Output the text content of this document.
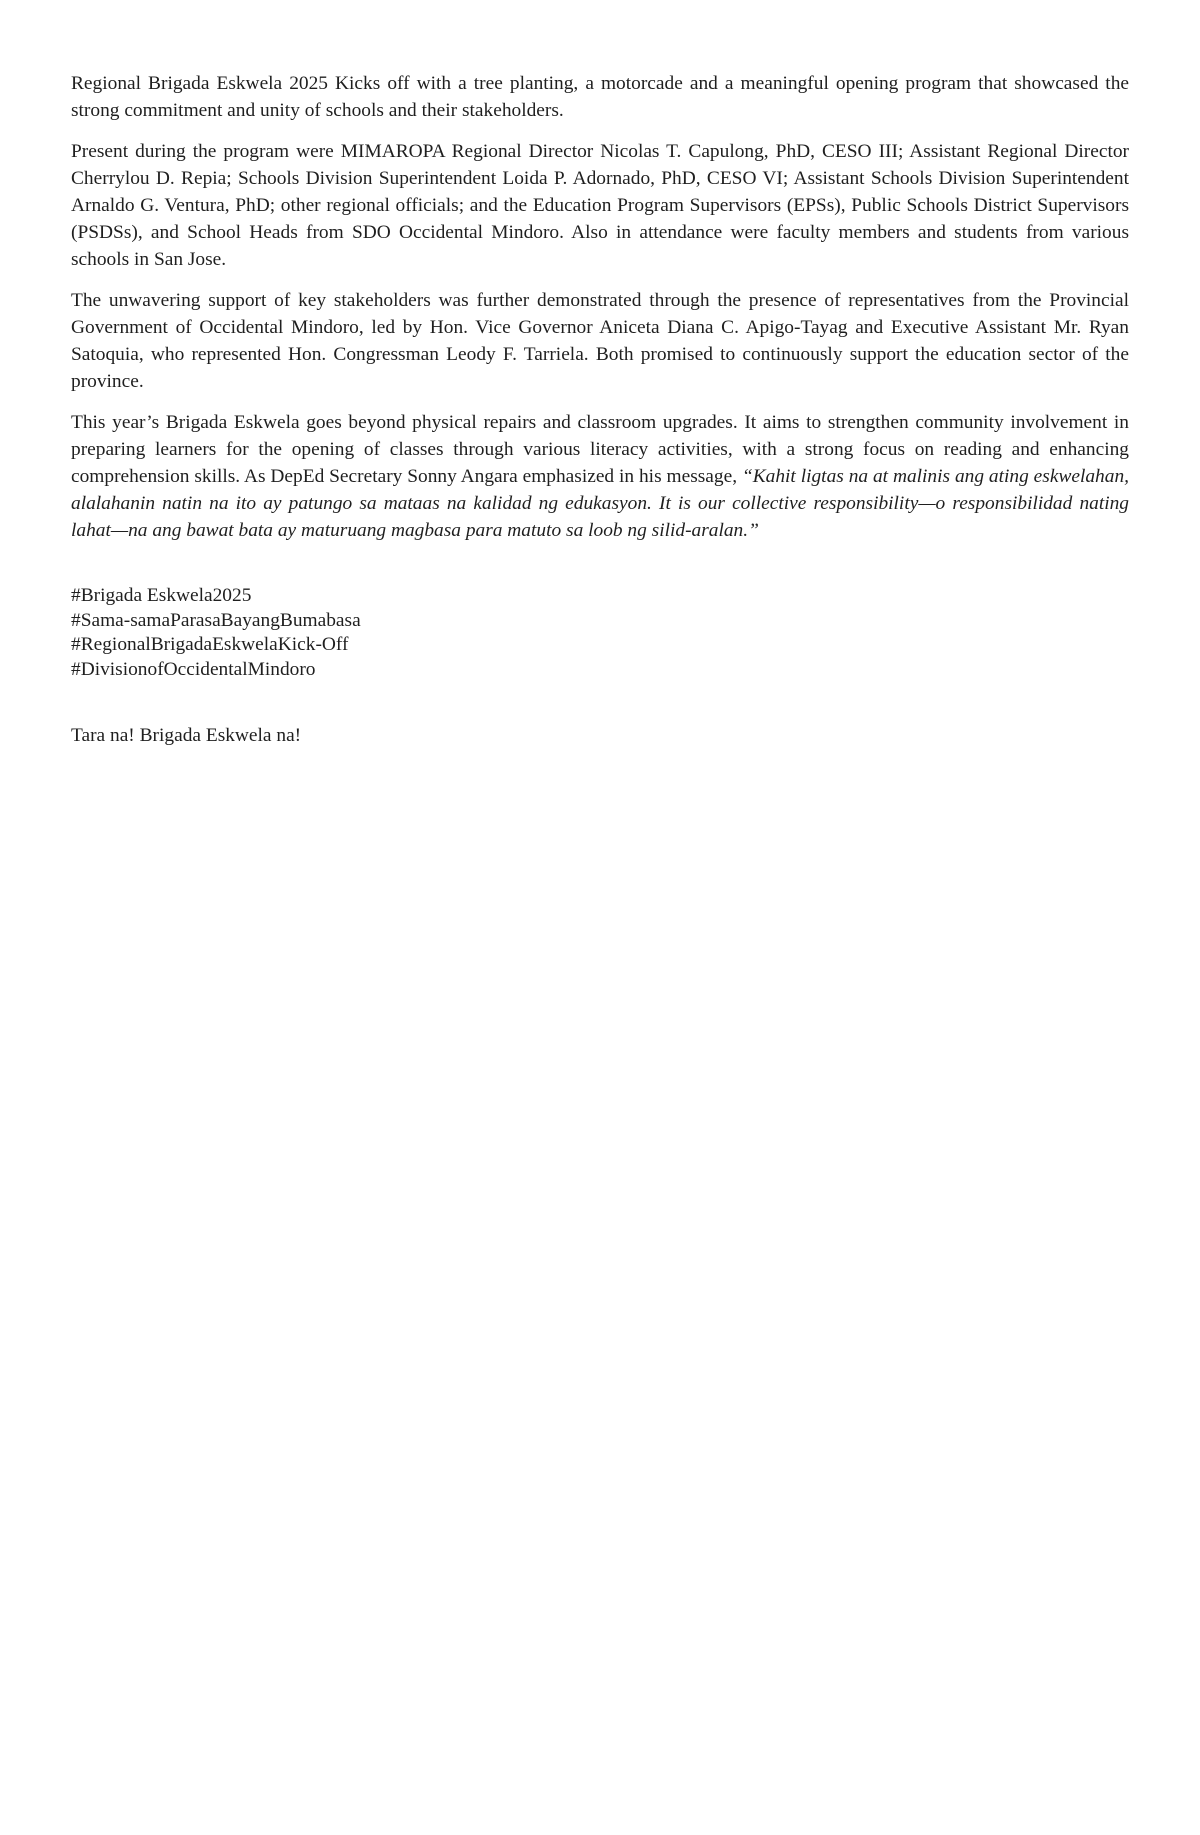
Regional Brigada Eskwela 2025 Kicks off with a tree planting, a motorcade and a meaningful opening program that showcased the strong commitment and unity of schools and their stakeholders.

Present during the program were MIMAROPA Regional Director Nicolas T. Capulong, PhD, CESO III; Assistant Regional Director Cherrylou D. Repia; Schools Division Superintendent Loida P. Adornado, PhD, CESO VI; Assistant Schools Division Superintendent Arnaldo G. Ventura, PhD; other regional officials; and the Education Program Supervisors (EPSs), Public Schools District Supervisors (PSDSs), and School Heads from SDO Occidental Mindoro. Also in attendance were faculty members and students from various schools in San Jose.

The unwavering support of key stakeholders was further demonstrated through the presence of representatives from the Provincial Government of Occidental Mindoro, led by Hon. Vice Governor Aniceta Diana C. Apigo-Tayag and Executive Assistant Mr. Ryan Satoquia, who represented Hon. Congressman Leody F. Tarriela. Both promised to continuously support the education sector of the province.

This year’s Brigada Eskwela goes beyond physical repairs and classroom upgrades. It aims to strengthen community involvement in preparing learners for the opening of classes through various literacy activities, with a strong focus on reading and enhancing comprehension skills. As DepEd Secretary Sonny Angara emphasized in his message, “Kahit ligtas na at malinis ang ating eskwelahan, alalahanin natin na ito ay patungo sa mataas na kalidad ng edukasyon. It is our collective responsibility—o responsibilidad nating lahat—na ang bawat bata ay maturuang magbasa para matuto sa loob ng silid-aralan.”

#Brigada Eskwela2025
#Sama-samaParasaBayangBumabasa
#RegionalBrigadaEskwelaKick-Off
#DivisionofOccidentalMindoro
Tara na! Brigada Eskwela na!
